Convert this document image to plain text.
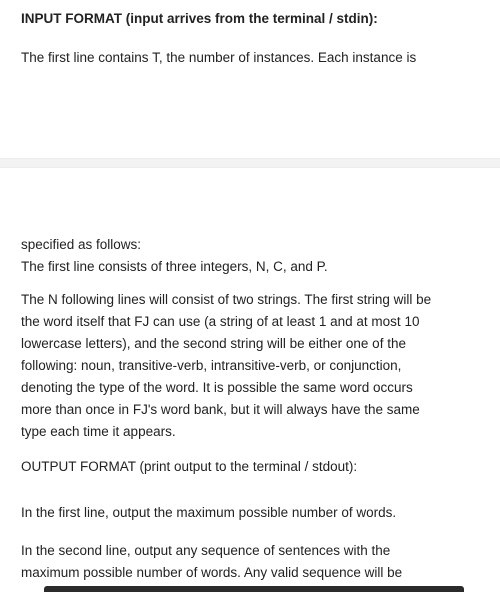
INPUT FORMAT (input arrives from the terminal / stdin):
The first line contains T, the number of instances. Each instance is
specified as follows:
The first line consists of three integers, N, C, and P.
The N following lines will consist of two strings. The first string will be
the word itself that FJ can use (a string of at least 1 and at most 10
lowercase letters), and the second string will be either one of the
following: noun, transitive-verb, intransitive-verb, or conjunction,
denoting the type of the word. It is possible the same word occurs
more than once in FJ's word bank, but it will always have the same
type each time it appears.
OUTPUT FORMAT (print output to the terminal / stdout):
In the first line, output the maximum possible number of words.
In the second line, output any sequence of sentences with the
maximum possible number of words. Any valid sequence will be
